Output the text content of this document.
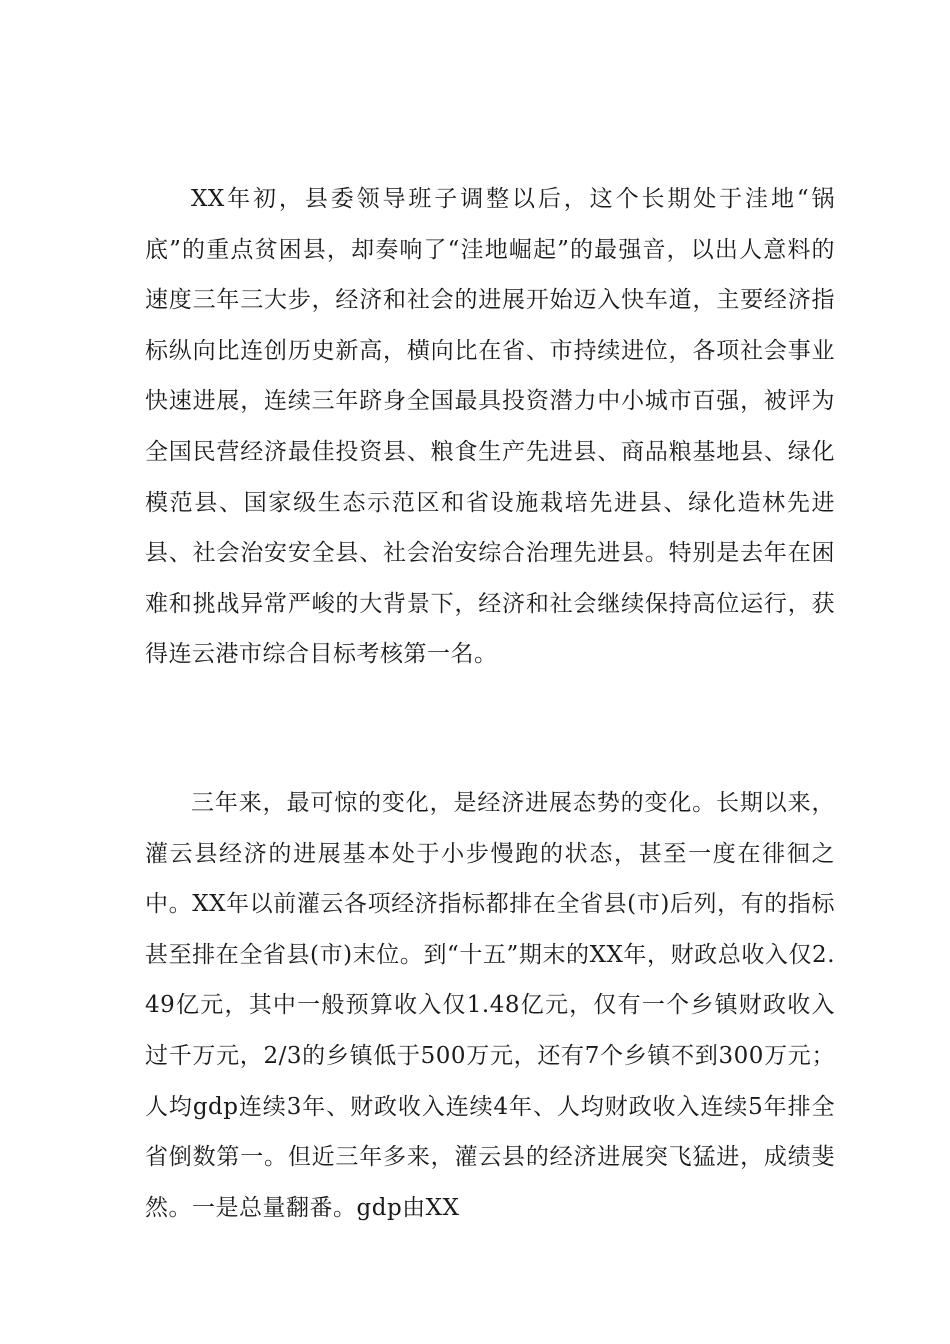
XX年初，县委领导班子调整以后，这个长期处于洼地“锅底”的重点贫困县，却奏响了“洼地崛起”的最强音，以出人意料的速度三年三大步，经济和社会的进展开始迈入快车道，主要经济指标纵向比连创历史新高，横向比在省、市持续进位，各项社会事业快速进展，连续三年跻身全国最具投资潜力中小城市百强，被评为全国民营经济最佳投资县、粮食生产先进县、商品粮基地县、绿化模范县、国家级生态示范区和省设施栽培先进县、绿化造林先进县、社会治安安全县、社会治安综合治理先进县。特别是去年在困难和挑战异常严峻的大背景下，经济和社会继续保持高位运行，获得连云港市综合目标考核第一名。

三年来，最可惊的变化，是经济进展态势的变化。长期以来，灌云县经济的进展基本处于小步慢跑的状态，甚至一度在徘徊之中。XX年以前灌云各项经济指标都排在全省县(市)后列，有的指标甚至排在全省县(市)末位。到“十五”期末的XX年，财政总收入仅2.49亿元，其中一般预算收入仅1.48亿元，仅有一个乡镇财政收入过千万元，2/3的乡镇低于500万元，还有7个乡镇不到300万元；人均gdp连续3年、财政收入连续4年、人均财政收入连续5年排全省倒数第一。但近三年多来，灌云县的经济进展突飞猛进，成绩斐然。一是总量翻番。gdp由XX
